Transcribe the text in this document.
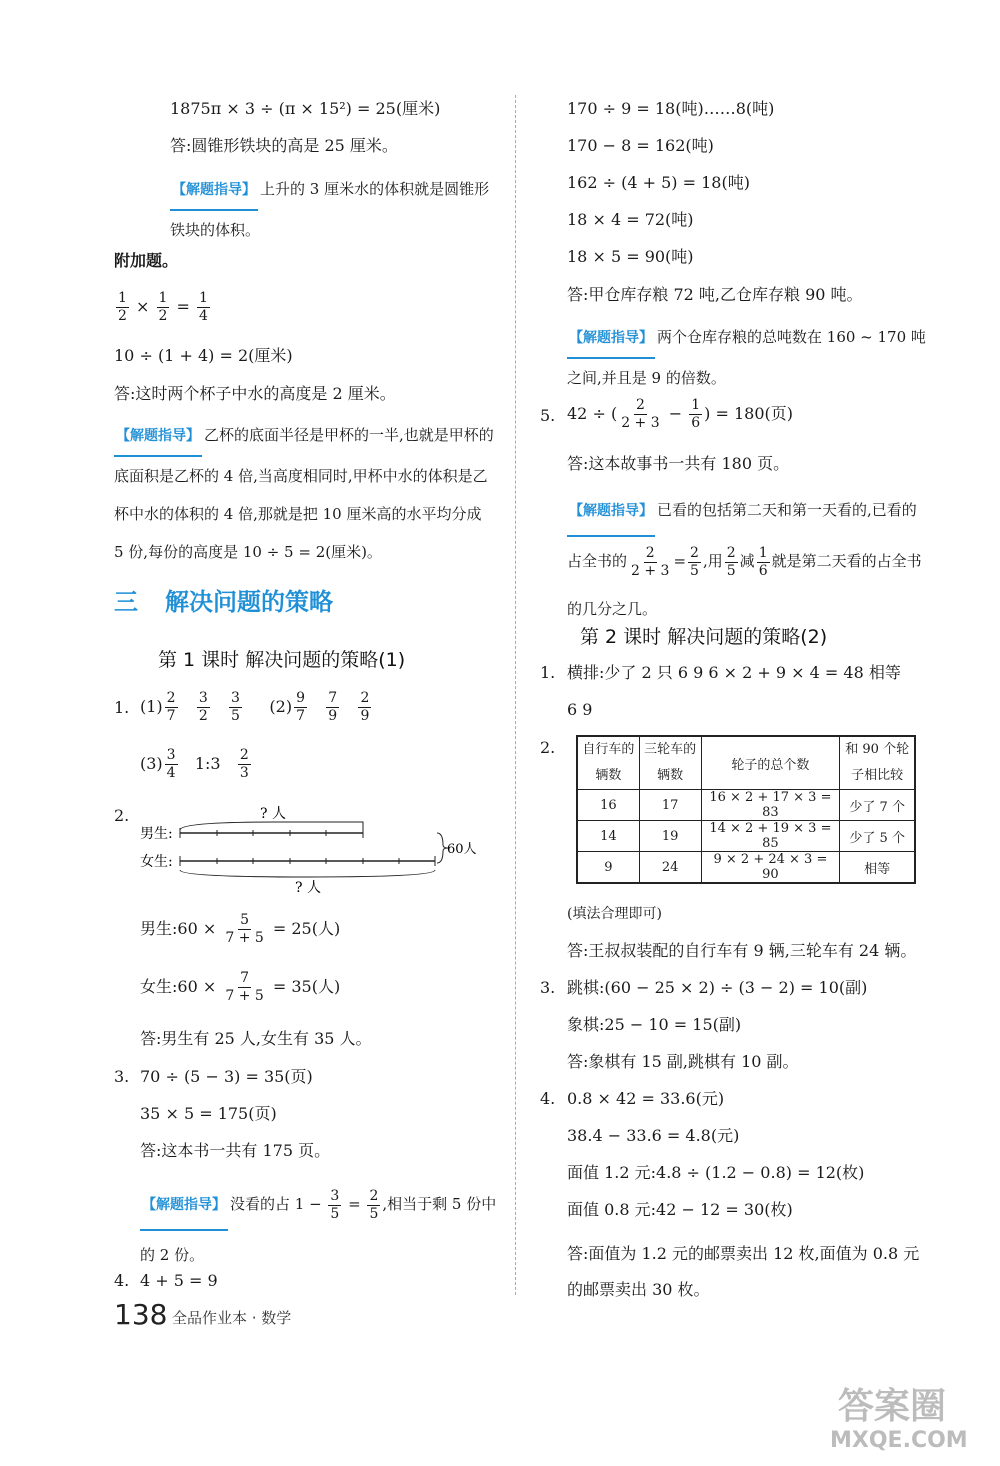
1875π × 3 ÷ (π × 15²) = 25(厘米)
答:圆锥形铁块的高是 25 厘米。
【解题指导】 上升的 3 厘米水的体积就是圆锥形铁块的体积。
附加题。
$\frac{1}{2} \times \frac{1}{2} = \frac{1}{4}$
10 ÷ (1 + 4) = 2(厘米)
答:这时两个杯子中水的高度是 2 厘米。
【解题指导】 乙杯的底面半径是甲杯的一半,也就是甲杯的底面积是乙杯的 4 倍,当高度相同时,甲杯中水的体积是乙杯中水的体积的 4 倍,那就是把 10 厘米高的水平均分成 5 份,每份的高度是 10 ÷ 5 = 2(厘米)。
三 解决问题的策略
第 1 课时 解决问题的策略(1)
1. $(1) \frac{2}{7}$
$\frac{3}{2}$
$\frac{3}{5} (2) \frac{9}{7}$
$\frac{7}{9}$
$\frac{2}{9}$
$(3) \frac{3}{4}$ 1:3 $\frac{2}{3}$
2.	? 人
男生:
女生:
60人
? 人
男生:60 × $\frac{5}{7 + 5} = 25$(人)
女生:60 × $\frac{7}{7 + 5} = 35$(人)
答:男生有 25 人,女生有 35 人。
3. 70 ÷ (5 − 3) = 35(页)
35 × 5 = 175(页)
答:这本书一共有 175 页。
【解题指导】 没看的占 $1 - \frac{3}{5} = \frac{2}{5}$ ,相当于剩 5 份中的 2 份。
4. 4 + 5 = 9
170 ÷ 9 = 18(吨)……8(吨)
170 − 8 = 162(吨)
162 ÷ (4 + 5) = 18(吨)
18 × 4 = 72(吨)
18 × 5 = 90(吨)
答:甲仓库存粮 72 吨,乙仓库存粮 90 吨。
【解题指导】 两个仓库存粮的总吨数在 160 ~ 170 吨之间,并且是 9 的倍数。
5. 42 ÷ ( $\frac{2}{2 + 3} - \frac{1}{6}$ ) = 180(页)
答:这本故事书一共有 180 页。
【解题指导】 已看的包括第二天和第一天看的,已看的占全书的 $\frac{2}{2 + 3} = \frac{2}{5}$ ,用 $\frac{2}{5}$ 减 $\frac{1}{6}$ 就是第二天看的占全书的几分之几。
第 2 课时 解决问题的策略(2)
1. 横排:少了 2 只 6 9 6 × 2 + 9 × 4 = 48 相等
6 9
2. 自行车的辆数	三轮车的辆数	轮子的总个数	和 90 个轮子相比较
16	17	16 × 2 + 17 × 3 = 83	少了 7 个
14	19	14 × 2 + 19 × 3 = 85	少了 5 个
9	24	9 × 2 + 24 × 3 = 90	相等
(填法合理即可)
答:王叔叔装配的自行车有 9 辆,三轮车有 24 辆。
3. 跳棋:(60 − 25 × 2) ÷ (3 − 2) = 10(副)
象棋:25 − 10 = 15(副)
答:象棋有 15 副,跳棋有 10 副。
4. 0.8 × 42 = 33.6(元)
38.4 − 33.6 = 4.8(元)
面值 1.2 元:4.8 ÷ (1.2 − 0.8) = 12(枚)
面值 0.8 元:42 − 12 = 30(枚)
答:面值为 1.2 元的邮票卖出 12 枚,面值为 0.8 元的邮票卖出 30 枚。
138 全品作业本 · 数学
答案圈
MXQE.COM
